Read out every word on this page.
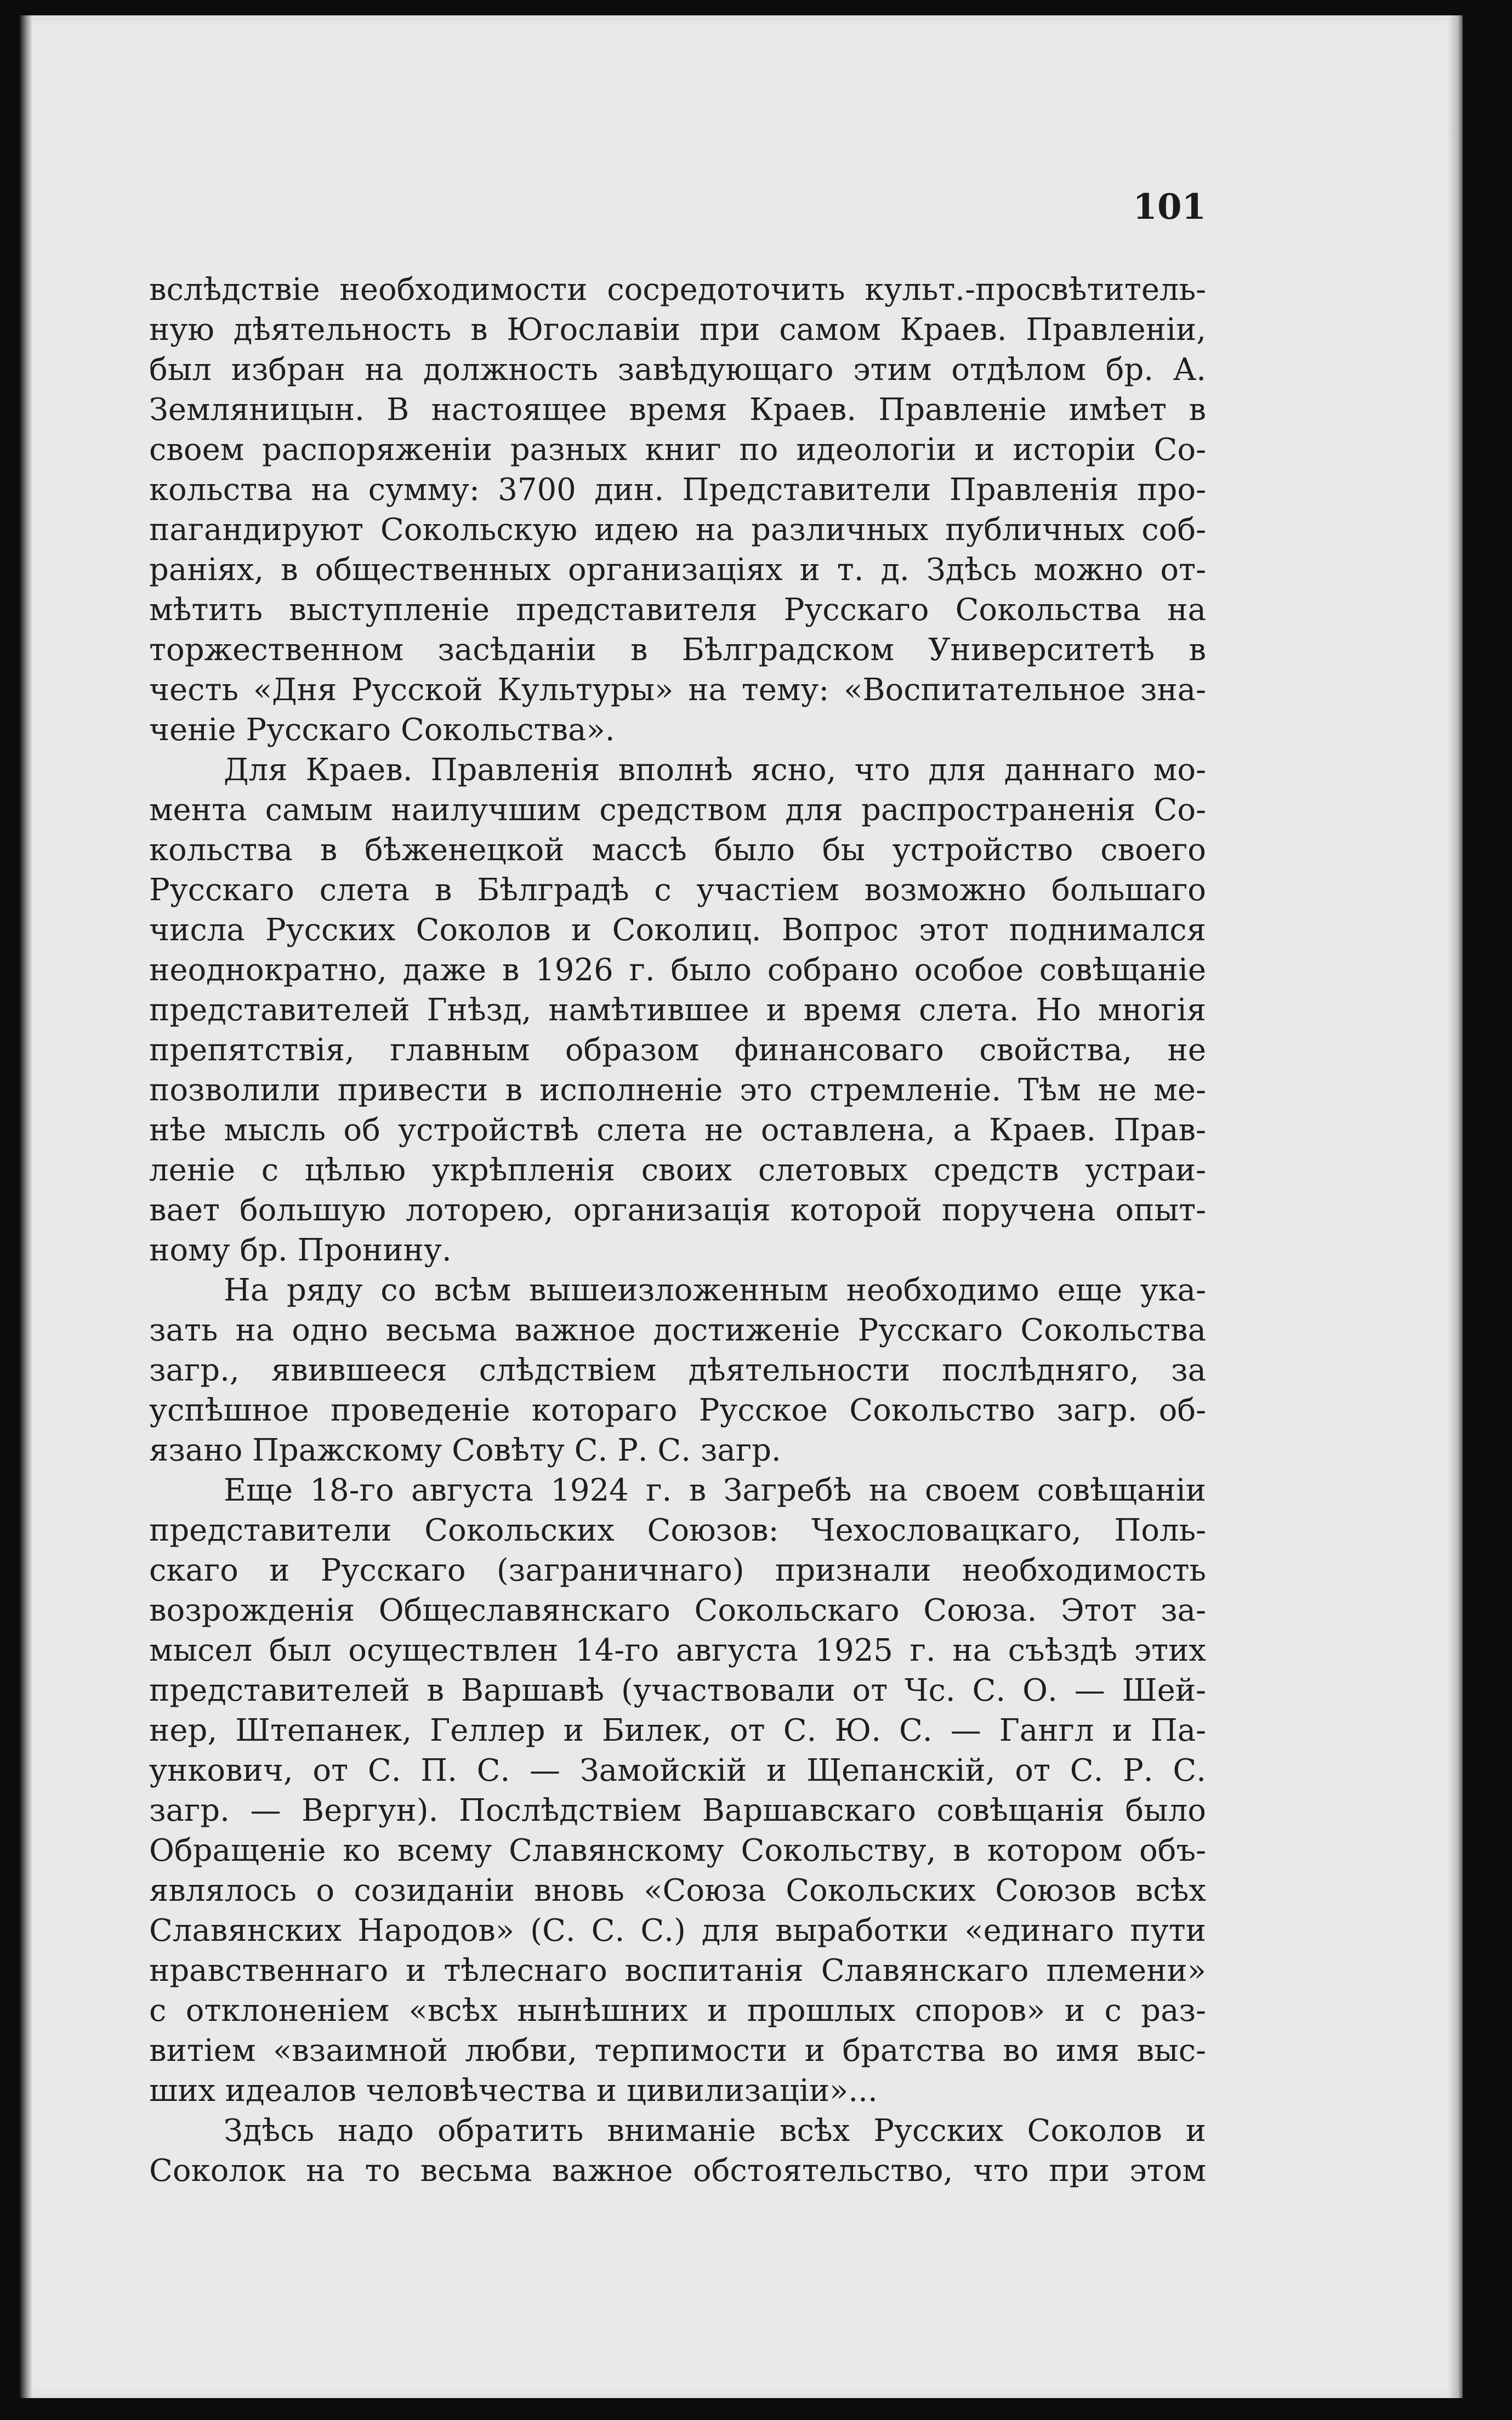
101
вслѣдствіе необходимости сосредоточить культ.-просвѣтитель-
ную дѣятельность в Югославіи при самом Краев. Правленіи,
был избран на должность завѣдующаго этим отдѣлом бр. А.
Земляницын. В настоящее время Краев. Правленіе имѣет в
своем распоряженіи разных книг по идеологіи и исторіи Со-
кольства на сумму: 3700 дин. Представители Правленія про-
пагандируют Сокольскую идею на различных публичных соб-
раніях, в общественных организаціях и т. д. Здѣсь можно от-
мѣтить выступленіе представителя Русскаго Сокольства на
торжественном засѣданіи в Бѣлградском Университетѣ в
честь «Дня Русской Культуры» на тему: «Воспитательное зна-
ченіе Русскаго Сокольства».
Для Краев. Правленія вполнѣ ясно, что для даннаго мо-
мента самым наилучшим средством для распространенія Со-
кольства в бѣженецкой массѣ было бы устройство своего
Русскаго слета в Бѣлградѣ с участіем возможно большаго
числа Русских Соколов и Соколиц. Вопрос этот поднимался
неоднократно, даже в 1926 г. было собрано особое совѣщаніе
представителей Гнѣзд, намѣтившее и время слета. Но многія
препятствія, главным образом финансоваго свойства, не
позволили привести в исполненіе это стремленіе. Тѣм не ме-
нѣе мысль об устройствѣ слета не оставлена, а Краев. Прав-
леніе с цѣлью укрѣпленія своих слетовых средств устраи-
вает большую лоторею, организація которой поручена опыт-
ному бр. Пронину.
На ряду со всѣм вышеизложенным необходимо еще ука-
зать на одно весьма важное достиженіе Русскаго Сокольства
загр., явившееся слѣдствіем дѣятельности послѣдняго, за
успѣшное проведеніе котораго Русское Сокольство загр. об-
язано Пражскому Совѣту С. Р. С. загр.
Еще 18-го августа 1924 г. в Загребѣ на своем совѣщаніи
представители Сокольских Союзов: Чехословацкаго, Поль-
скаго и Русскаго (заграничнаго) признали необходимость
возрожденія Общеславянскаго Сокольскаго Союза. Этот за-
мысел был осуществлен 14-го августа 1925 г. на съѣздѣ этих
представителей в Варшавѣ (участвовали от Чс. С. О. — Шей-
нер, Штепанек, Геллер и Билек, от С. Ю. С. — Гангл и Па-
ункович, от С. П. С. — Замойскій и Щепанскій, от С. Р. С.
загр. — Вергун). Послѣдствіем Варшавскаго совѣщанія было
Обращеніе ко всему Славянскому Сокольству, в котором объ-
являлось о созиданіи вновь «Союза Сокольских Союзов всѣх
Славянских Народов» (С. С. С.) для выработки «единаго пути
нравственнаго и тѣлеснаго воспитанія Славянскаго племени»
с отклоненіем «всѣх нынѣшних и прошлых споров» и с раз-
витіем «взаимной любви, терпимости и братства во имя выс-
ших идеалов человѣчества и цивилизаціи»...
Здѣсь надо обратить вниманіе всѣх Русских Соколов и
Соколок на то весьма важное обстоятельство, что при этом
